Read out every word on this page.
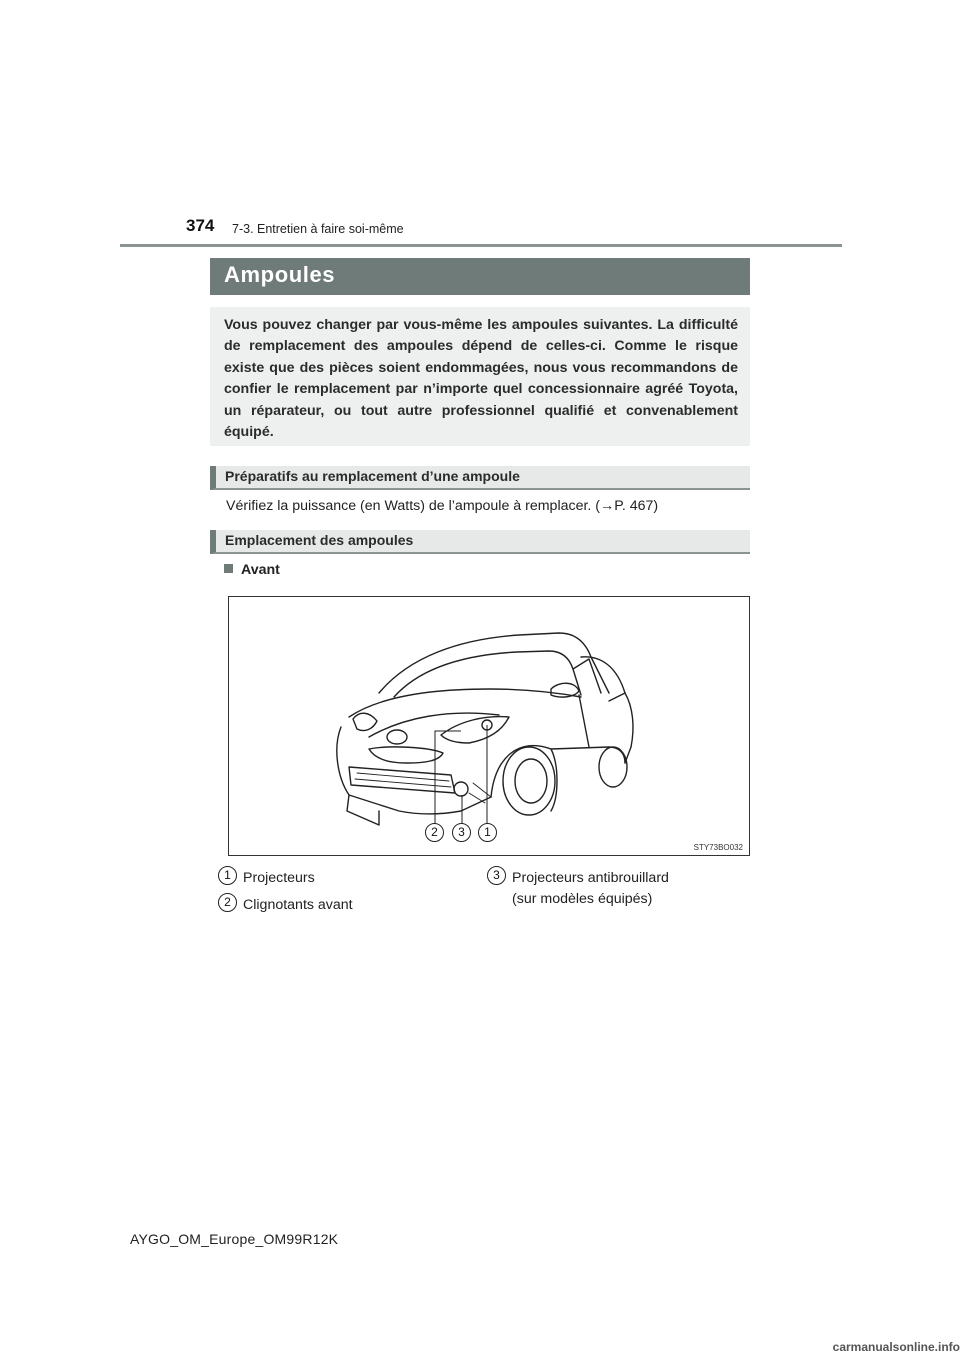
374 7-3. Entretien à faire soi-même
Ampoules
Vous pouvez changer par vous-même les ampoules suivantes. La difficulté de remplacement des ampoules dépend de celles-ci. Comme le risque existe que des pièces soient endommagées, nous vous recommandons de confier le remplacement par n’importe quel concessionnaire agréé Toyota, un réparateur, ou tout autre professionnel qualifié et convenablement équipé.
Préparatifs au remplacement d’une ampoule
Vérifiez la puissance (en Watts) de l’ampoule à remplacer. (→P. 467)
Emplacement des ampoules
Avant
2	3	1
STY73BO032
1 Projecteurs
2 Clignotants avant
3 Projecteurs antibrouillard
(sur modèles équipés)
AYGO_OM_Europe_OM99R12K
carmanualsonline.info
